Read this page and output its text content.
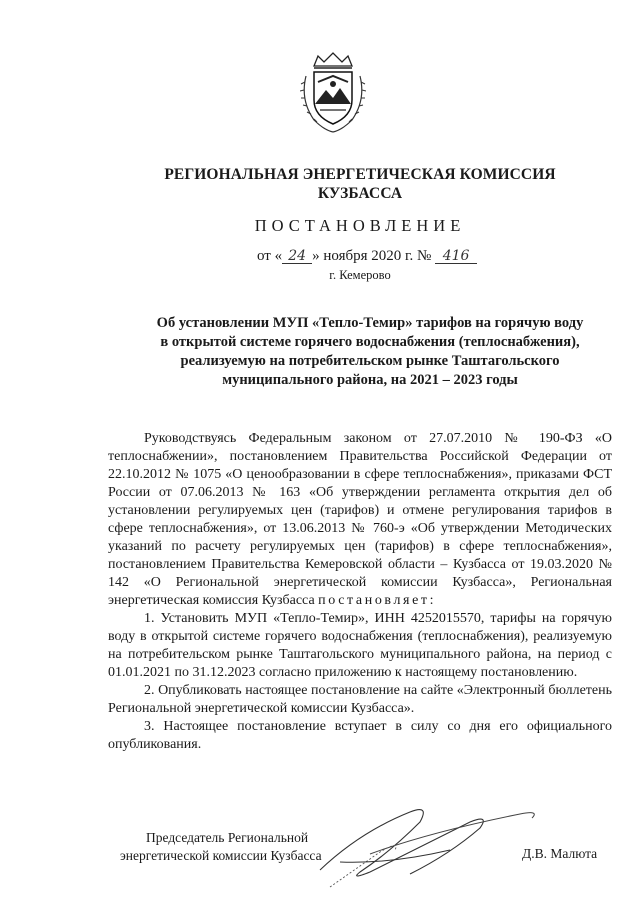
РЕГИОНАЛЬНАЯ ЭНЕРГЕТИЧЕСКАЯ КОМИССИЯ
КУЗБАССА
ПОСТАНОВЛЕНИЕ
от « 24 » ноября 2020 г. № 416
г. Кемерово
Об установлении МУП «Тепло-Темир» тарифов на горячую воду
в открытой системе горячего водоснабжения (теплоснабжения),
реализуемую на потребительском рынке Таштагольского
муниципального района, на 2021 – 2023 годы

Руководствуясь Федеральным законом от 27.07.2010 № 190-ФЗ «О теплоснабжении», постановлением Правительства Российской Федерации от 22.10.2012 № 1075 «О ценообразовании в сфере теплоснабжения», приказами ФСТ России от 07.06.2013 № 163 «Об утверждении регламента открытия дел об установлении регулируемых цен (тарифов) и отмене регулирования тарифов в сфере теплоснабжения», от 13.06.2013 № 760-э «Об утверждении Методических указаний по расчету регулируемых цен (тарифов) в сфере теплоснабжения», постановлением Правительства Кемеровской области – Кузбасса от 19.03.2020 № 142 «О Региональной энергетической комиссии Кузбасса», Региональная энергетическая комиссия Кузбасса постановляет:

1. Установить МУП «Тепло-Темир», ИНН 4252015570, тарифы на горячую воду в открытой системе горячего водоснабжения (теплоснабжения), реализуемую на потребительском рынке Таштагольского муниципального района, на период с 01.01.2021 по 31.12.2023 согласно приложению к настоящему постановлению.

2. Опубликовать настоящее постановление на сайте «Электронный бюллетень Региональной энергетической комиссии Кузбасса».

3. Настоящее постановление вступает в силу со дня его официального опубликования.

Председатель Региональной
энергетической комиссии Кузбасса	Д.В. Малюта
